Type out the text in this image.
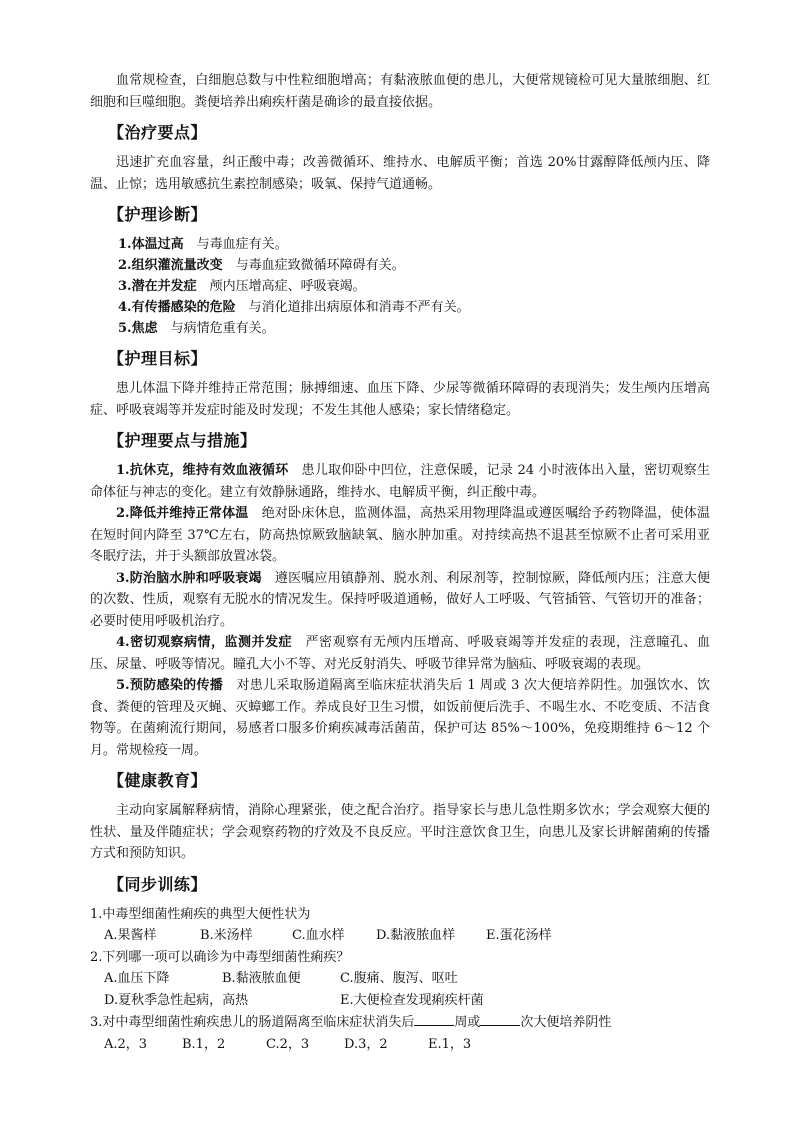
血常规检查，白细胞总数与中性粒细胞增高；有黏液脓血便的患儿，大便常规镜检可见大量脓细胞、红细胞和巨噬细胞。粪便培养出痢疾杆菌是确诊的最直接依据。

【治疗要点】

迅速扩充血容量，纠正酸中毒；改善微循环、维持水、电解质平衡；首选 20%甘露醇降低颅内压、降温、止惊；选用敏感抗生素控制感染；吸氧、保持气道通畅。

【护理诊断】
1.体温过高　 与毒血症有关。
2.组织灌流量改变　 与毒血症致微循环障碍有关。
3.潜在并发症　 颅内压增高症、呼吸衰竭。
4.有传播感染的危险　 与消化道排出病原体和消毒不严有关。
5.焦虑　 与病情危重有关。
【护理目标】

患儿体温下降并维持正常范围；脉搏细速、血压下降、少尿等微循环障碍的表现消失；发生颅内压增高症、呼吸衰竭等并发症时能及时发现；不发生其他人感染；家长情绪稳定。

【护理要点与措施】

1.抗休克，维持有效血液循环　 患儿取仰卧中凹位，注意保暖，记录 24 小时液体出入量，密切观察生命体征与神志的变化。建立有效静脉通路，维持水、电解质平衡，纠正酸中毒。

2.降低并维持正常体温　 绝对卧床休息，监测体温，高热采用物理降温或遵医嘱给予药物降温，使体温在短时间内降至 37℃左右，防高热惊厥致脑缺氧、脑水肿加重。对持续高热不退甚至惊厥不止者可采用亚冬眠疗法，并于头额部放置冰袋。

3.防治脑水肿和呼吸衰竭　 遵医嘱应用镇静剂、脱水剂、利尿剂等，控制惊厥，降低颅内压；注意大便的次数、性质，观察有无脱水的情况发生。保持呼吸道通畅，做好人工呼吸、气管插管、气管切开的准备；必要时使用呼吸机治疗。

4.密切观察病情，监测并发症　 严密观察有无颅内压增高、呼吸衰竭等并发症的表现，注意瞳孔、血压、尿量、呼吸等情况。瞳孔大小不等、对光反射消失、呼吸节律异常为脑疝、呼吸衰竭的表现。

5.预防感染的传播　 对患儿采取肠道隔离至临床症状消失后 1 周或 3 次大便培养阴性。加强饮水、饮食、粪便的管理及灭蝇、灭蟑螂工作。养成良好卫生习惯，如饭前便后洗手、不喝生水、不吃变质、不洁食物等。在菌痢流行期间，易感者口服多价痢疾减毒活菌苗，保护可达 85%～100%，免疫期维持 6～12 个月。常规检疫一周。

【健康教育】

主动向家属解释病情，消除心理紧张，使之配合治疗。指导家长与患儿急性期多饮水；学会观察大便的性状、量及伴随症状；学会观察药物的疗效及不良反应。平时注意饮食卫生，向患儿及家长讲解菌痢的传播方式和预防知识。

【同步训练】
1.中毒型细菌性痢疾的典型大便性状为
A.果酱样	B.米汤样	C.血水样	D.黏液脓血样	E.蛋花汤样
2.下列哪一项可以确诊为中毒型细菌性痢疾？
A.血压下降	B.黏液脓血便	C.腹痛、腹泻、呕吐
D.夏秋季急性起病，高热	E.大便检查发现痢疾杆菌
3.对中毒型细菌性痢疾患儿的肠道隔离至临床症状消失后	周或	次大便培养阴性
A.2，3	B.1，2	C.2，3	D.3，2	E.1，3
